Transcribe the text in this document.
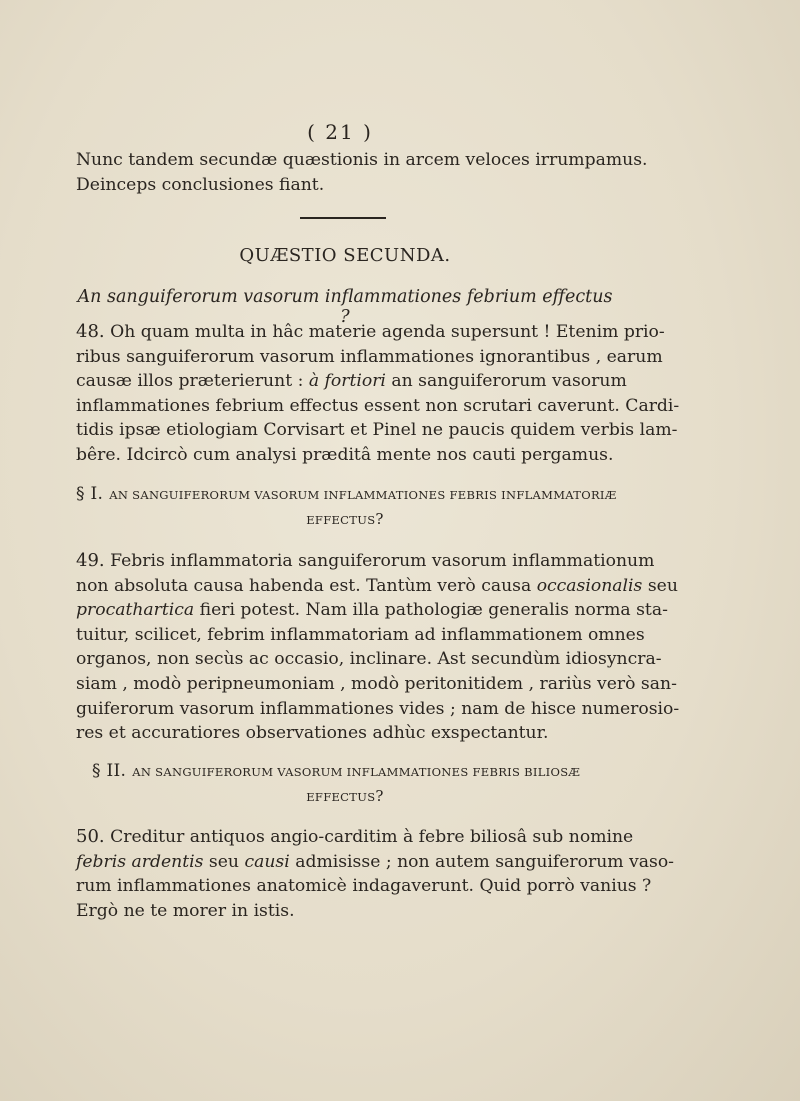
( 21 )
Nunc tandem secundæ quæstionis in arcem veloces irrumpamus.
Deinceps conclusiones fiant.
QUÆSTIO SECUNDA.
An sanguiferorum vasorum inflammationes febrium effectus ?
48. Oh quam multa in hâc materie agenda supersunt ! Etenim prio-
ribus sanguiferorum vasorum inflammationes ignorantibus , earum
causæ illos præterierunt : à fortiori an sanguiferorum vasorum
inflammationes febrium effectus essent non scrutari caverunt. Cardi-
tidis ipsæ etiologiam Corvisart et Pinel ne paucis quidem verbis lam-
bêre. Idcircò cum analysi præditâ mente nos cauti pergamus.
§ I. AN SANGUIFERORUM VASORUM INFLAMMATIONES FEBRIS INFLAMMATORIÆ
EFFECTUS?
49. Febris inflammatoria sanguiferorum vasorum inflammationum
non absoluta causa habenda est. Tantùm verò causa occasionalis seu
procathartica fieri potest. Nam illa pathologiæ generalis norma sta-
tuitur, scilicet, febrim inflammatoriam ad inflammationem omnes
organos, non secùs ac occasio, inclinare. Ast secundùm idiosyncra-
siam , modò peripneumoniam , modò peritonitidem , rariùs verò san-
guiferorum vasorum inflammationes vides ; nam de hisce numerosio-
res et accuratiores observationes adhùc exspectantur.
§ II. AN SANGUIFERORUM VASORUM INFLAMMATIONES FEBRIS BILIOSÆ
EFFECTUS?
50. Creditur antiquos angio-carditim à febre biliosâ sub nomine
febris ardentis seu causi admisisse ; non autem sanguiferorum vaso-
rum inflammationes anatomicè indagaverunt. Quid porrò vanius ?
Ergò ne te morer in istis.
